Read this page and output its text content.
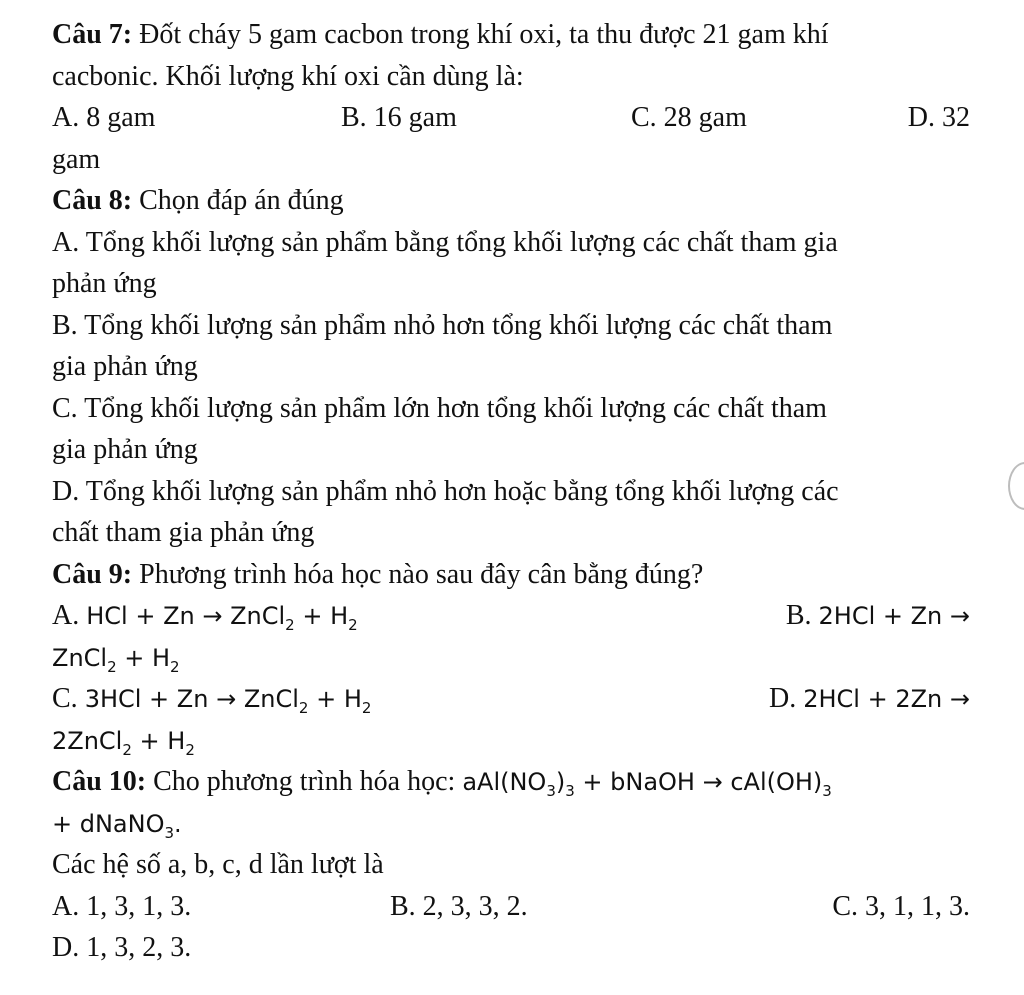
Câu 7: Đốt cháy 5 gam cacbon trong khí oxi, ta thu được 21 gam khí
cacbonic. Khối lượng khí oxi cần dùng là:
A. 8 gam	B. 16 gam	C. 28 gam	D. 32
gam
Câu 8: Chọn đáp án đúng
A. Tổng khối lượng sản phẩm bằng tổng khối lượng các chất tham gia
phản ứng
B. Tổng khối lượng sản phẩm nhỏ hơn tổng khối lượng các chất tham
gia phản ứng
C. Tổng khối lượng sản phẩm lớn hơn tổng khối lượng các chất tham
gia phản ứng
D. Tổng khối lượng sản phẩm nhỏ hơn hoặc bằng tổng khối lượng các
chất tham gia phản ứng
Câu 9: Phương trình hóa học nào sau đây cân bằng đúng?
A. HCl + Zn → ZnCl$_2$ + $H_2$	B. 2HCl + Zn →
ZnCl$_2$ + $H_2$
C. 3HCl + Zn → ZnCl$_2$ + $H_2$	D. 2HCl + 2Zn →
2ZnCl$_2$ + $H_2$
Câu 10: Cho phương trình hóa học: $aAl(NO_3)_3$ + bNaOH → $cAl(OH)_3$
+ dNaNO$_3$.
Các hệ số a, b, c, d lần lượt là
A. 1, 3, 1, 3.	B. 2, 3, 3, 2.	C. 3, 1, 1, 3.
D. 1, 3, 2, 3.
